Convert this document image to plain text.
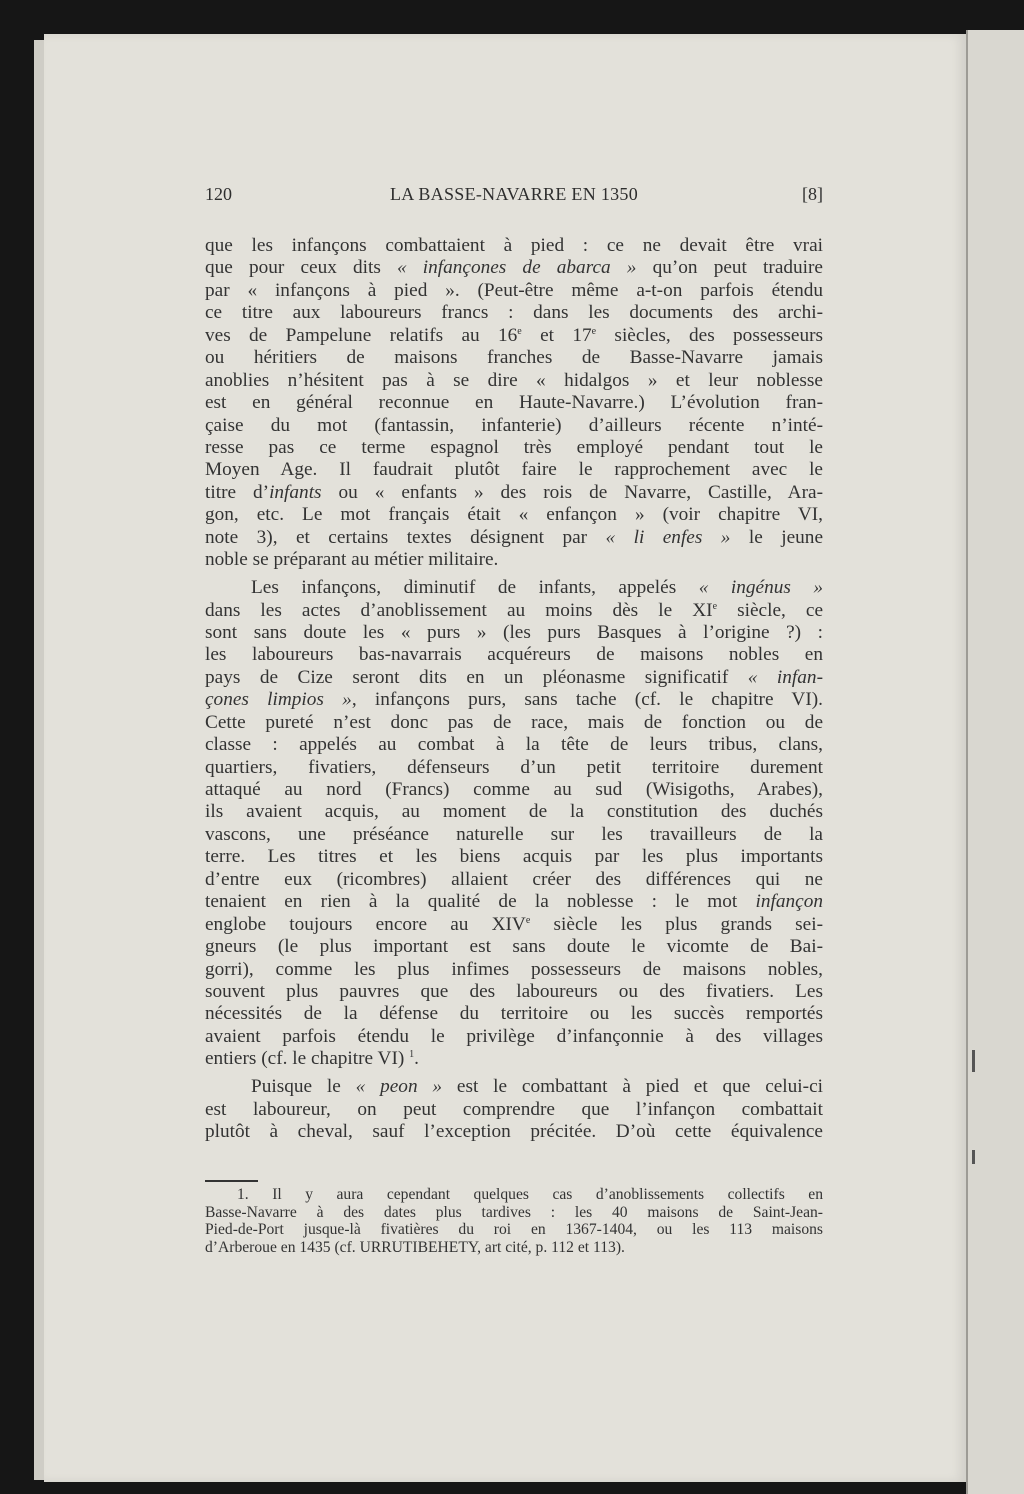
120	LA BASSE-NAVARRE EN 1350	[8]
que les infançons combattaient à pied : ce ne devait être vrai
que pour ceux dits « infançones de abarca » qu’on peut traduire
par « infançons à pied ». (Peut-être même a-t-on parfois étendu
ce titre aux laboureurs francs : dans les documents des archi-
ves de Pampelune relatifs au 16e et 17e siècles, des possesseurs
ou héritiers de maisons franches de Basse-Navarre jamais
anoblies n’hésitent pas à se dire « hidalgos » et leur noblesse
est en général reconnue en Haute-Navarre.) L’évolution fran-
çaise du mot (fantassin, infanterie) d’ailleurs récente n’inté-
resse pas ce terme espagnol très employé pendant tout le
Moyen Age. Il faudrait plutôt faire le rapprochement avec le
titre d’infants ou « enfants » des rois de Navarre, Castille, Ara-
gon, etc. Le mot français était « enfançon » (voir chapitre VI,
note 3), et certains textes désignent par « li enfes » le jeune
noble se préparant au métier militaire.
Les infançons, diminutif de infants, appelés « ingénus »
dans les actes d’anoblissement au moins dès le XIe siècle, ce
sont sans doute les « purs » (les purs Basques à l’origine ?) :
les laboureurs bas-navarrais acquéreurs de maisons nobles en
pays de Cize seront dits en un pléonasme significatif « infan-
çones limpios », infançons purs, sans tache (cf. le chapitre VI).
Cette pureté n’est donc pas de race, mais de fonction ou de
classe : appelés au combat à la tête de leurs tribus, clans,
quartiers, fivatiers, défenseurs d’un petit territoire durement
attaqué au nord (Francs) comme au sud (Wisigoths, Arabes),
ils avaient acquis, au moment de la constitution des duchés
vascons, une préséance naturelle sur les travailleurs de la
terre. Les titres et les biens acquis par les plus importants
d’entre eux (ricombres) allaient créer des différences qui ne
tenaient en rien à la qualité de la noblesse : le mot infançon
englobe toujours encore au XIVe siècle les plus grands sei-
gneurs (le plus important est sans doute le vicomte de Bai-
gorri), comme les plus infimes possesseurs de maisons nobles,
souvent plus pauvres que des laboureurs ou des fivatiers. Les
nécessités de la défense du territoire ou les succès remportés
avaient parfois étendu le privilège d’infançonnie à des villages
entiers (cf. le chapitre VI) $^1$.
Puisque le « peon » est le combattant à pied et que celui-ci
est laboureur, on peut comprendre que l’infançon combattait
plutôt à cheval, sauf l’exception précitée. D’où cette équivalence
1. Il y aura cependant quelques cas d’anoblissements collectifs en
Basse-Navarre à des dates plus tardives : les 40 maisons de Saint-Jean-
Pied-de-Port jusque-là fivatières du roi en 1367-1404, ou les 113 maisons
d’Arberoue en 1435 (cf. URRUTIBEHETY, art cité, p. 112 et 113).
